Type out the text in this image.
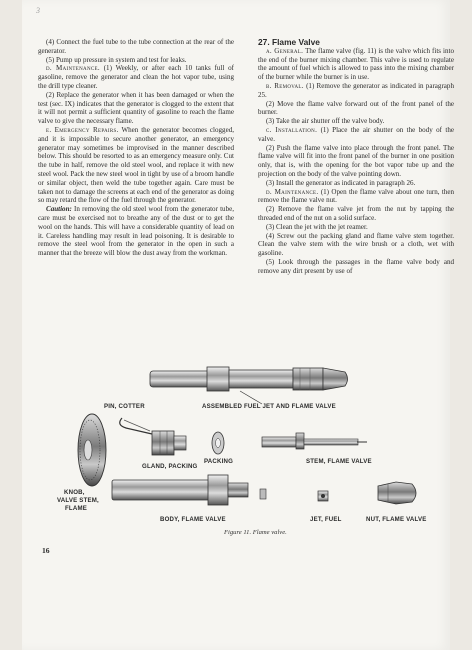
3

(4) Connect the fuel tube to the tube connection at the rear of the generator.

(5) Pump up pressure in system and test for leaks.

d. Maintenance. (1) Weekly, or after each 10 tanks full of gasoline, remove the generator and clean the hot vapor tube, using the drill type cleaner.

(2) Replace the generator when it has been damaged or when the test (sec. IX) indicates that the generator is clogged to the extent that it will not permit a sufficient quantity of gasoline to reach the flame valve to give the necessary flame.

e. Emergency Repairs. When the generator becomes clogged, and it is impossible to secure another generator, an emergency generator may sometimes be improvised in the manner described below. This should be resorted to as an emergency measure only. Cut the tube in half, remove the old steel wool, and replace it with new steel wool. Pack the new steel wool in tight by use of a broom handle or similar object, then weld the tube together again. Care must be taken not to damage the screens at each end of the generator as doing so may retard the flow of the fuel through the generator.

Caution: In removing the old steel wool from the generator tube, care must be exercised not to breathe any of the dust or to get the wool on the hands. This will have a considerable quantity of lead on it. Careless handling may result in lead poisoning. It is desirable to remove the steel wool from the generator in the open in such a manner that the breeze will blow the dust away from the workman.

27. Flame Valve

a. General. The flame valve (fig. 11) is the valve which fits into the end of the burner mixing chamber. This valve is used to regulate the amount of fuel which is allowed to pass into the mixing chamber of the burner while the burner is in use.

b. Removal. (1) Remove the generator as indicated in paragraph 25.

(2) Move the flame valve forward out of the front panel of the burner.

(3) Take the air shutter off the valve body.

c. Installation. (1) Place the air shutter on the body of the valve.

(2) Push the flame valve into place through the front panel. The flame valve will fit into the front panel of the burner in one position only, that is, with the opening for the bot vapor tube up and the projection on the body of the valve pointing down.

(3) Install the generator as indicated in paragraph 26.

d. Maintenance. (1) Open the flame valve about one turn, then remove the flame valve nut.

(2) Remove the flame valve jet from the nut by tapping the threaded end of the nut on a solid surface.

(3) Clean the jet with the jet reamer.

(4) Screw out the packing gland and flame valve stem together. Clean the valve stem with the wire brush or a cloth, wet with gasoline.

(5) Look through the passages in the flame valve body and remove any dirt present by use of

PIN, COTTER	ASSEMBLED FUEL JET AND FLAME VALVE
GLAND, PACKING
PACKING	STEM, FLAME VALVE
KNOB,
VALVE STEM,
FLAME
BODY, FLAME VALVE	JET, FUEL	NUT, FLAME VALVE
Figure 11. Flame valve.
16
